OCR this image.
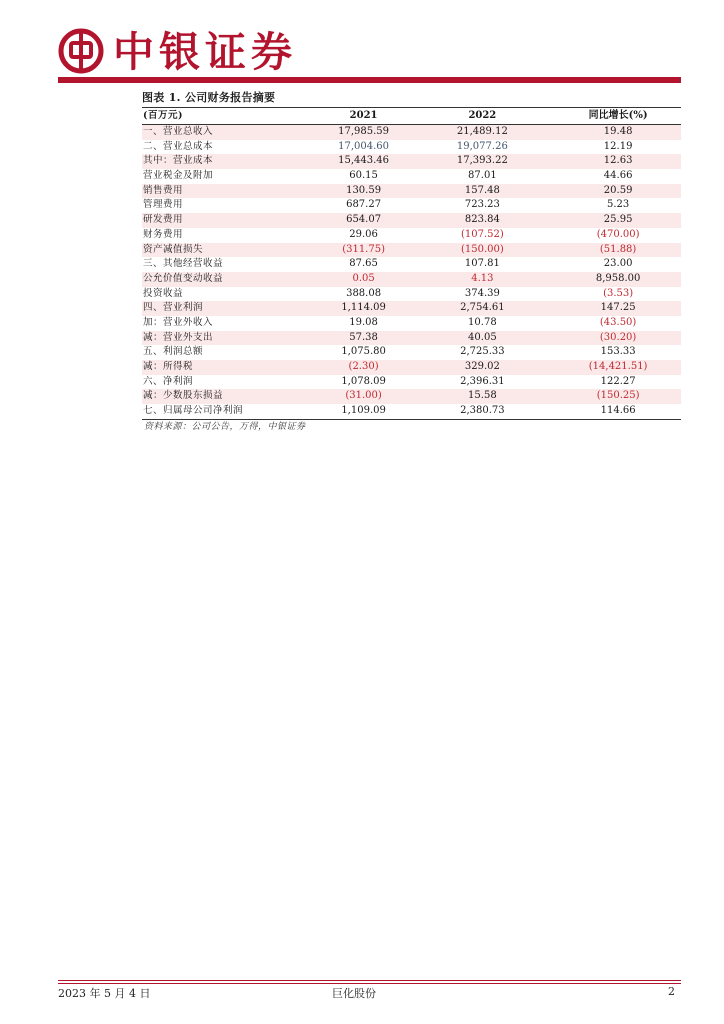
中银证券
图表 1. 公司财务报告摘要
(百万元)	2021	2022	同比增长(%)
一、营业总收入	17,985.59	21,489.12	19.48
二、营业总成本	17,004.60	19,077.26	12.19
其中：营业成本	15,443.46	17,393.22	12.63
营业税金及附加	60.15	87.01	44.66
销售费用	130.59	157.48	20.59
管理费用	687.27	723.23	5.23
研发费用	654.07	823.84	25.95
财务费用	29.06	(107.52)	(470.00)
资产减值损失	(311.75)	(150.00)	(51.88)
三、其他经营收益	87.65	107.81	23.00
公允价值变动收益	0.05	4.13	8,958.00
投资收益	388.08	374.39	(3.53)
四、营业利润	1,114.09	2,754.61	147.25
加：营业外收入	19.08	10.78	(43.50)
减：营业外支出	57.38	40.05	(30.20)
五、利润总额	1,075.80	2,725.33	153.33
减：所得税	(2.30)	329.02	(14,421.51)
六、净利润	1,078.09	2,396.31	122.27
减：少数股东损益	(31.00)	15.58	(150.25)
七、归属母公司净利润	1,109.09	2,380.73	114.66
资料来源：公司公告，万得，中银证券
2023 年 5 月 4 日	巨化股份	2
